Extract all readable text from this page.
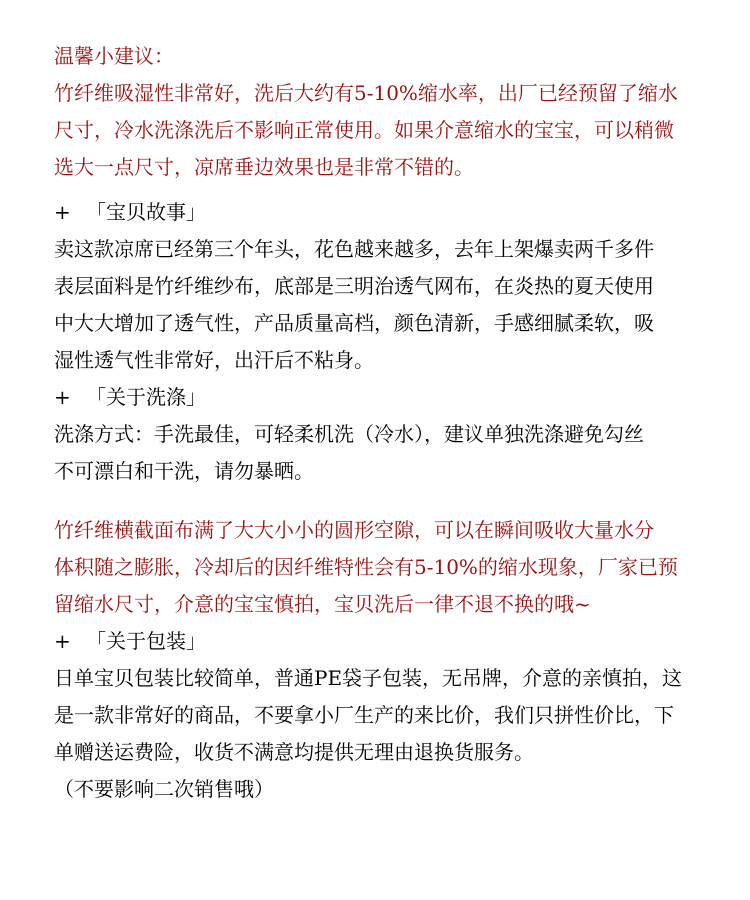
温馨小建议：
竹纤维吸湿性非常好，洗后大约有5-10%缩水率，出厂已经预留了缩水
尺寸，冷水洗涤洗后不影响正常使用。如果介意缩水的宝宝，可以稍微
选大一点尺寸，凉席垂边效果也是非常不错的。
+ 「宝贝故事」
卖这款凉席已经第三个年头，花色越来越多，去年上架爆卖两千多件
表层面料是竹纤维纱布，底部是三明治透气网布，在炎热的夏天使用
中大大增加了透气性，产品质量高档，颜色清新，手感细腻柔软，吸
湿性透气性非常好，出汗后不粘身。
+ 「关于洗涤」
洗涤方式：手洗最佳，可轻柔机洗（冷水），建议单独洗涤避免勾丝
不可漂白和干洗，请勿暴晒。
竹纤维横截面布满了大大小小的圆形空隙，可以在瞬间吸收大量水分
体积随之膨胀，冷却后的因纤维特性会有5-10%的缩水现象，厂家已预
留缩水尺寸，介意的宝宝慎拍，宝贝洗后一律不退不换的哦~
+ 「关于包装」
日单宝贝包装比较简单，普通PE袋子包装，无吊牌，介意的亲慎拍，这
是一款非常好的商品，不要拿小厂生产的来比价，我们只拼性价比，下
单赠送运费险，收货不满意均提供无理由退换货服务。
（不要影响二次销售哦）
